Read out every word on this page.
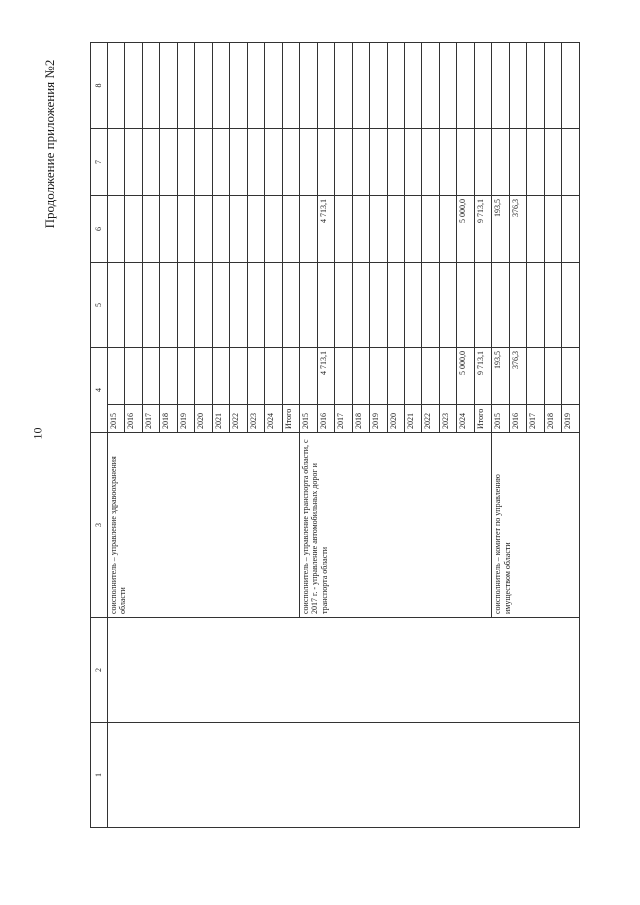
10
Продолжение приложения №2
1	2	3	4		5	6	7	8
		соисполнитель – управление здравоохранения области	2015					
			2016					
			2017					
			2018					
			2019					
			2020					
			2021					
			2022					
			2023					
			2024					
			Итого					
		соисполнитель – управление транспорта области, с 2017 г. - управление автомобильных дорог и транспорта области	2015					
			2016	4 713,1		4 713,1		
			2017					
			2018					
			2019					
			2020					
			2021					
			2022					
			2023					
			2024	5 000,0		5 000,0		
			Итого	9 713,1		9 713,1		
		соисполнитель – комитет по управлению имуществом области	2015	193,5		193,5		
			2016	376,3		376,3		
			2017					
			2018					
			2019					
